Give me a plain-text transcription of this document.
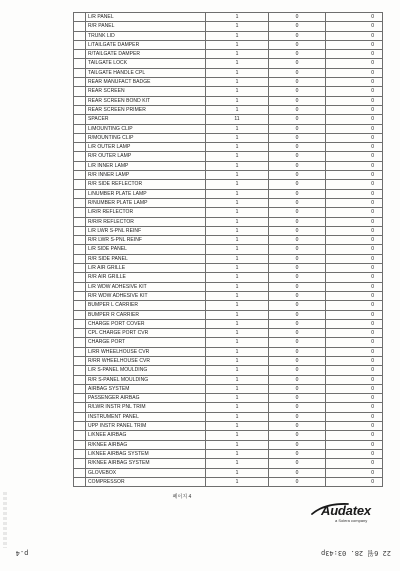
L/R PANEL	1	0	0
R/R PANEL	1	0	0
TRUNK LID	1	0	0
L/TAILGATE DAMPER	1	0	0
R/TAILGATE DAMPER	1	0	0
TAILGATE LOCK	1	0	0
TAILGATE HANDLE CPL	1	0	0
REAR MANUFACT BADGE	1	0	0
REAR SCREEN	1	0	0
REAR SCREEN BOND KIT	1	0	0
REAR SCREEN PRIMER	1	0	0
SPACER	11	0	0
L/MOUNTING CLIP	1	0	0
R/MOUNTING CLIP	1	0	0
L/R OUTER LAMP	1	0	0
R/R OUTER LAMP	1	0	0
L/R INNER LAMP	1	0	0
R/R INNER LAMP	1	0	0
R/R SIDE REFLECTOR	1	0	0
L/NUMBER PLATE LAMP	1	0	0
R/NUMBER PLATE LAMP	1	0	0
L/R/R REFLECTOR	1	0	0
R/R/R REFLECTOR	1	0	0
L/R LWR S-PNL REINF	1	0	0
R/R LWR S-PNL REINF	1	0	0
L/R SIDE PANEL	1	0	0
R/R SIDE PANEL	1	0	0
L/R AIR GRILLE	1	0	0
R/R AIR GRILLE	1	0	0
L/R WDW ADHESIVE KIT	1	0	0
R/R WDW ADHESIVE KIT	1	0	0
BUMPER L CARRIER	1	0	0
BUMPER R CARRIER	1	0	0
CHARGE PORT COVER	1	0	0
CPL CHARGE PORT CVR	1	0	0
CHARGE PORT	1	0	0
L/RR WHEELHOUSE CVR	1	0	0
R/RR WHEELHOUSE CVR	1	0	0
L/R S-PANEL MOULDING	1	0	0
R/R S-PANEL MOULDING	1	0	0
AIRBAG SYSTEM	1	0	0
PASSENGER AIRBAG	1	0	0
R/LWR INSTR PNL TRIM	1	0	0
INSTRUMENT PANEL	1	0	0
UPP INSTR PANEL TRIM	1	0	0
L/KNEE AIRBAG	1	0	0
R/KNEE AIRBAG	1	0	0
L/KNEE AIRBAG SYSTEM	1	0	0
R/KNEE AIRBAG SYSTEM	1	0	0
GLOVEBOX	1	0	0
COMPRESSOR	1	0	0
페이지 4
Audatex
a Solera company
p.4	22 6월 28. 03:43p
